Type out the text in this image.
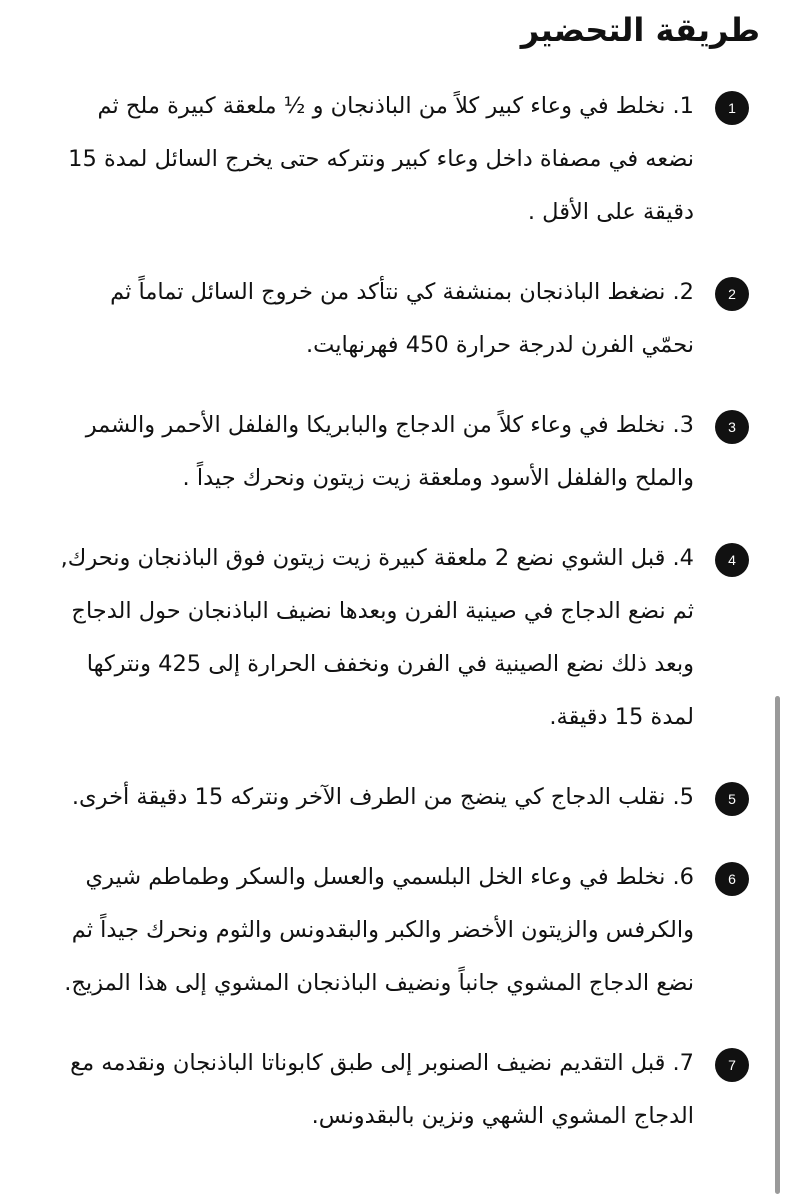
طريقة التحضير
1

1. نخلط في وعاء كبير كلاً من الباذنجان و ½ ملعقة كبيرة ملح ثم نضعه في مصفاة داخل وعاء كبير ونتركه حتى يخرج السائل لمدة 15 دقيقة على الأقل .

2

2. نضغط الباذنجان بمنشفة كي نتأكد من خروج السائل تماماً ثم نحمّي الفرن لدرجة حرارة 450 فهرنهايت.

3

3. نخلط في وعاء كلاً من الدجاج والبابريكا والفلفل الأحمر والشمر والملح والفلفل الأسود وملعقة زيت زيتون ونحرك جيداً .

4

4. قبل الشوي نضع 2 ملعقة كبيرة زيت زيتون فوق الباذنجان ونحرك, ثم نضع الدجاج في صينية الفرن وبعدها نضيف الباذنجان حول الدجاج وبعد ذلك نضع الصينية في الفرن ونخفف الحرارة إلى 425 ونتركها لمدة 15 دقيقة.

5

5. نقلب الدجاج كي ينضج من الطرف الآخر ونتركه 15 دقيقة أخرى.

6

6. نخلط في وعاء الخل البلسمي والعسل والسكر وطماطم شيري والكرفس والزيتون الأخضر والكبر والبقدونس والثوم ونحرك جيداً ثم نضع الدجاج المشوي جانباً ونضيف الباذنجان المشوي إلى هذا المزيج.

7

7. قبل التقديم نضيف الصنوبر إلى طبق كابوناتا الباذنجان ونقدمه مع الدجاج المشوي الشهي ونزين بالبقدونس.
